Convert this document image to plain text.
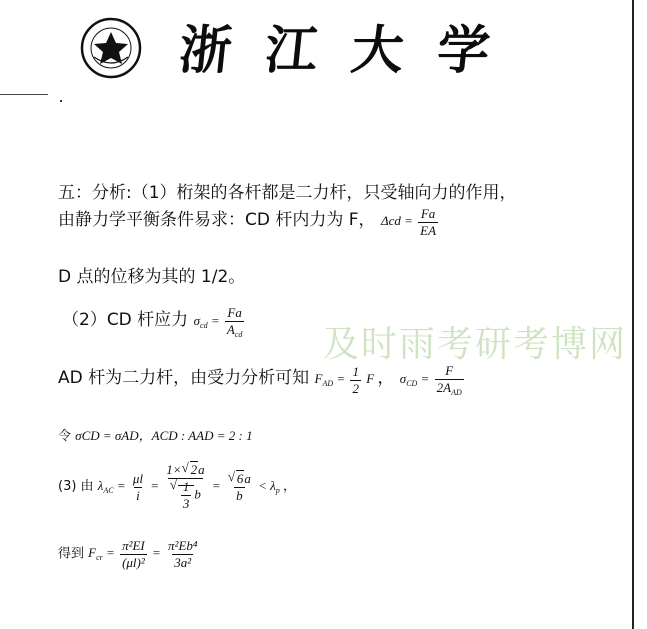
浙江大学
及时雨考研考博网
五：分析:（1）桁架的各杆都是二力杆，只受轴向力的作用，
由静力学平衡条件易求：CD 杆内力为 F， $\Delta cd = \frac{Fa}{EA}$
D 点的位移为其的 1/2。
（2）CD 杆应力 $\sigma_{cd} = \frac{Fa}{A_{cd}}$
AD 杆为二力杆，由受力分析可知 $F_{AD} = \frac{1}{2}$ F ， $\sigma_{CD} = \frac{F}{2A_{AD}}$
令 σCD = σAD，ACD : AAD = 2 : 1
(3) 由 $\lambda_{AC} = \frac{\mu l}{i} = 1\times√$ 2a
√ $\frac{1}{3}$ b =
√ $\frac{6a}{b} < \lambda_p$ ，
得到 $F_{cr} = \frac{\text{π²EI}}{\text{(μl)²}} = \frac{\text{π²Eb⁴}}{\text{3a²}}$
